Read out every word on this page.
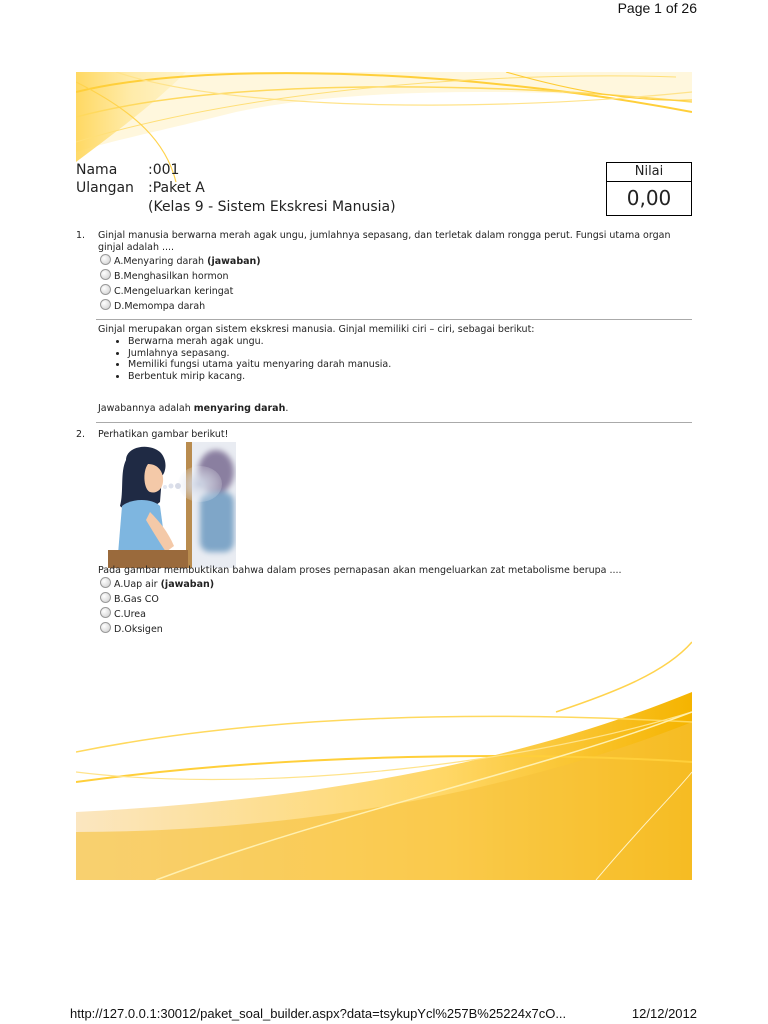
Page 1 of 26
Nama :001
Ulangan :Paket A
(Kelas 9 - Sistem Ekskresi Manusia)
Nilai
0,00
1. Ginjal manusia berwarna merah agak ungu, jumlahnya sepasang, dan terletak dalam rongga perut. Fungsi utama organ ginjal adalah ....
A.Menyaring darah (jawaban)
B.Menghasilkan hormon
C.Mengeluarkan keringat
D.Memompa darah
Ginjal merupakan organ sistem ekskresi manusia. Ginjal memiliki ciri – ciri, sebagai berikut:
• Berwarna merah agak ungu.
• Jumlahnya sepasang.
• Memiliki fungsi utama yaitu menyaring darah manusia.
• Berbentuk mirip kacang.
Jawabannya adalah menyaring darah.
2. Perhatikan gambar berikut!
Pada gambar membuktikan bahwa dalam proses pernapasan akan mengeluarkan zat metabolisme berupa ....
A.Uap air (jawaban)
B.Gas CO
C.Urea
D.Oksigen
http://127.0.0.1:30012/paket_soal_builder.aspx?data=tsykupYcl%257B%25224x7cO...	12/12/2012
